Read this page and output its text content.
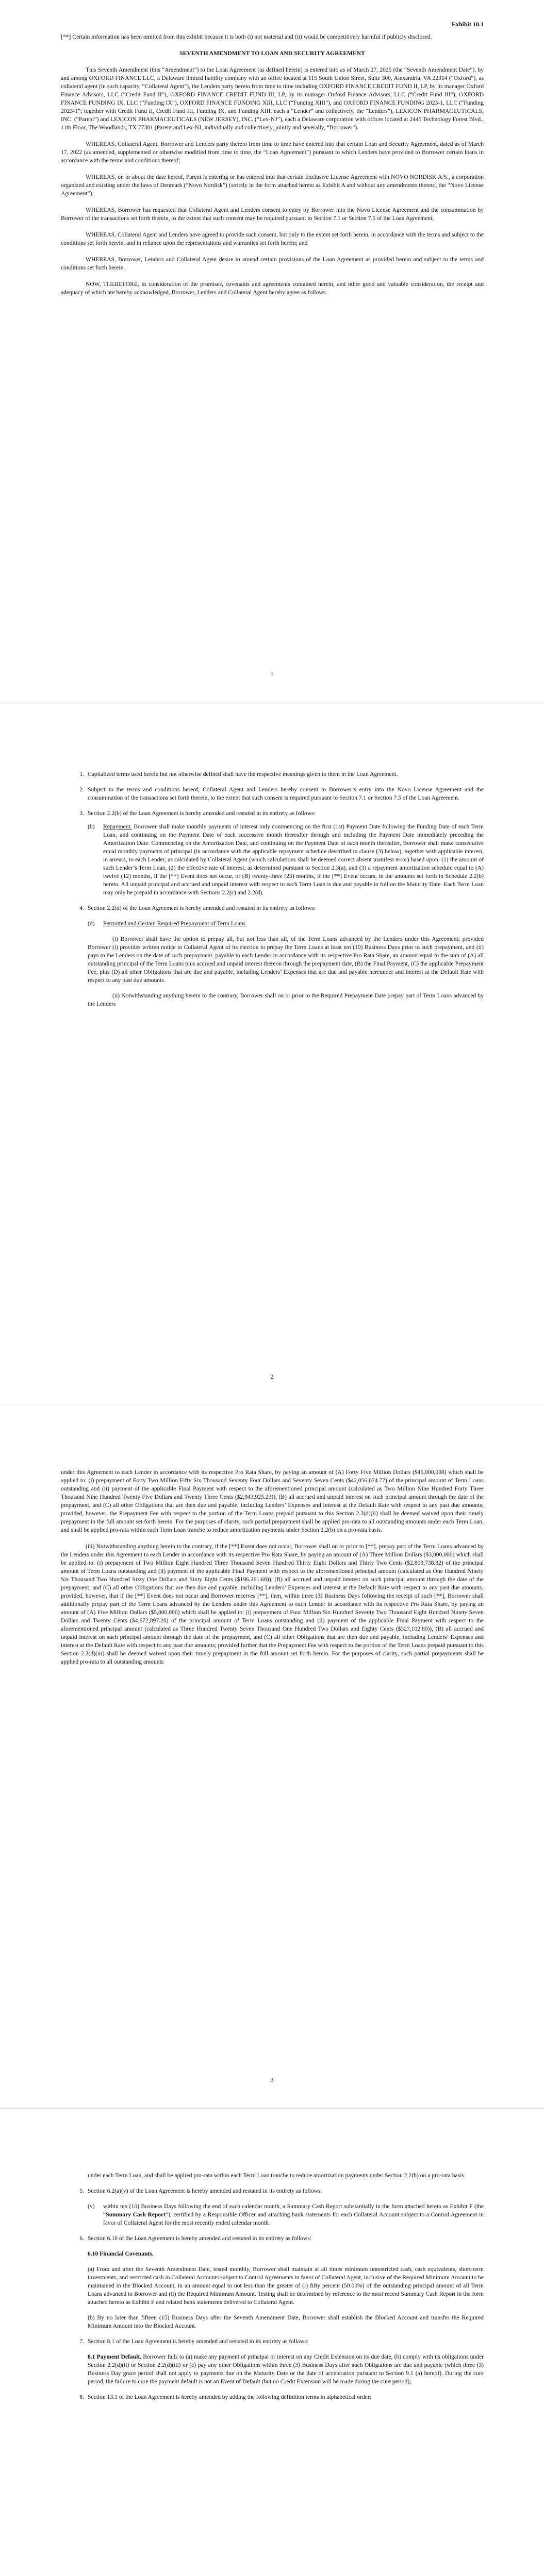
Exhibit 10.1

[**] Certain information has been omitted from this exhibit because it is both (i) not material and (ii) would be competitively harmful if publicly disclosed.

SEVENTH AMENDMENT TO LOAN AND SECURITY AGREEMENT

This Seventh Amendment (this “Amendment”) to the Loan Agreement (as defined herein) is entered into as of March 27, 2025 (the “Seventh Amendment Date”), by and among OXFORD FINANCE LLC, a Delaware limited liability company with an office located at 115 South Union Street, Suite 300, Alexandria, VA 22314 (“Oxford”), as collateral agent (in such capacity, “Collateral Agent”), the Lenders party hereto from time to time including OXFORD FINANCE CREDIT FUND II, LP, by its manager Oxford Finance Advisors, LLC (“Credit Fund II”), OXFORD FINANCE CREDIT FUND III, LP, by its manager Oxford Finance Advisors, LLC (“Credit Fund III”), OXFORD FINANCE FUNDING IX, LLC (“Funding IX”), OXFORD FINANCE FUNDING XIII, LLC (“Funding XIII”), and OXFORD FINANCE FUNDING 2023-1, LLC (“Funding 2023-1”; together with Credit Fund II, Credit Fund III, Funding IX, and Funding XIII, each a “Lender” and collectively, the “Lenders”), LEXICON PHARMACEUTICALS, INC. (“Parent”) and LEXICON PHARMACEUTICALS (NEW JERSEY), INC. (“Lex-NJ”), each a Delaware corporation with offices located at 2445 Technology Forest Blvd., 11th Floor, The Woodlands, TX 77381 (Parent and Lex-NJ, individually and collectively, jointly and severally, “Borrower”).

WHEREAS, Collateral Agent, Borrower and Lenders party thereto from time to time have entered into that certain Loan and Security Agreement, dated as of March 17, 2022 (as amended, supplemented or otherwise modified from time to time, the “Loan Agreement”) pursuant to which Lenders have provided to Borrower certain loans in accordance with the terms and conditions thereof;

WHEREAS, on or about the date hereof, Parent is entering or has entered into that certain Exclusive License Agreement with NOVO NORDISK A/S., a corporation organized and existing under the laws of Denmark (“Novo Nordisk”) (strictly in the form attached hereto as Exhibit A and without any amendments thereto, the “Novo License Agreement”);

WHEREAS, Borrower has requested that Collateral Agent and Lenders consent to entry by Borrower into the Novo License Agreement and the consummation by Borrower of the transactions set forth therein, to the extent that such consent may be required pursuant to Section 7.1 or Section 7.5 of the Loan Agreement;

WHEREAS, Collateral Agent and Lenders have agreed to provide such consent, but only to the extent set forth herein, in accordance with the terms and subject to the conditions set forth herein, and in reliance upon the representations and warranties set forth herein; and

WHEREAS, Borrower, Lenders and Collateral Agent desire to amend certain provisions of the Loan Agreement as provided herein and subject to the terms and conditions set forth herein.

NOW, THEREFORE, in consideration of the promises, covenants and agreements contained herein, and other good and valuable consideration, the receipt and adequacy of which are hereby acknowledged, Borrower, Lenders and Collateral Agent hereby agree as follows:

1

1. Capitalized terms used herein but not otherwise defined shall have the respective meanings given to them in the Loan Agreement.

2. Subject to the terms and conditions hereof, Collateral Agent and Lenders hereby consent to Borrower’s entry into the Novo License Agreement and the consummation of the transactions set forth therein, to the extent that such consent is required pursuant to Section 7.1 or Section 7.5 of the Loan Agreement.

3. Section 2.2(b) of the Loan Agreement is hereby amended and restated in its entirety as follows:

(b)	Repayment. Borrower shall make monthly payments of interest only commencing on the first (1st) Payment Date following the Funding Date of each Term Loan, and continuing on the Payment Date of each successive month thereafter through and including the Payment Date immediately preceding the Amortization Date. Commencing on the Amortization Date, and continuing on the Payment Date of each month thereafter, Borrower shall make consecutive equal monthly payments of principal (in accordance with the applicable repayment schedule described in clause (3) below), together with applicable interest, in arrears, to each Lender, as calculated by Collateral Agent (which calculations shall be deemed correct absent manifest error) based upon: (1) the amount of such Lender’s Term Loan, (2) the effective rate of interest, as determined pursuant to Section 2.3(a), and (3) a repayment amortization schedule equal to (A) twelve (12) months, if the [**] Event does not occur, or (B) twenty-three (23) months, if the [**] Event occurs, in the amounts set forth in Schedule 2.2(b) hereto. All unpaid principal and accrued and unpaid interest with respect to each Term Loan is due and payable in full on the Maturity Date. Each Term Loan may only be prepaid in accordance with Sections 2.2(c) and 2.2(d).

4. Section 2.2(d) of the Loan Agreement is hereby amended and restated in its entirety as follows:

(d)	Permitted and Certain Required Prepayment of Term Loans.

(i) Borrower shall have the option to prepay all, but not less than all, of the Term Loans advanced by the Lenders under this Agreement; provided Borrower (i) provides written notice to Collateral Agent of its election to prepay the Term Loans at least ten (10) Business Days prior to such prepayment, and (ii) pays to the Lenders on the date of such prepayment, payable to each Lender in accordance with its respective Pro Rata Share, an amount equal to the sum of (A) all outstanding principal of the Term Loans plus accrued and unpaid interest thereon through the prepayment date, (B) the Final Payment, (C) the applicable Prepayment Fee, plus (D) all other Obligations that are due and payable, including Lenders’ Expenses that are due and payable hereunder and interest at the Default Rate with respect to any past due amounts.

(ii) Notwithstanding anything herein to the contrary, Borrower shall on or prior to the Required Prepayment Date prepay part of Term Loans advanced by the Lenders

2

under this Agreement to each Lender in accordance with its respective Pro Rata Share, by paying an amount of (A) Forty Five Million Dollars ($45,000,000) which shall be applied to: (i) prepayment of Forty Two Million Fifty Six Thousand Seventy Four Dollars and Seventy Seven Cents ($42,056,074.77) of the principal amount of Term Loans outstanding and (ii) payment of the applicable Final Payment with respect to the aforementioned principal amount (calculated as Two Million Nine Hundred Forty Three Thousand Nine Hundred Twenty Five Dollars and Twenty Three Cents ($2,943,925.23)), (B) all accrued and unpaid interest on such principal amount through the date of the prepayment, and (C) all other Obligations that are then due and payable, including Lenders’ Expenses and interest at the Default Rate with respect to any past due amounts; provided, however, the Prepayment Fee with respect to the portion of the Term Loans prepaid pursuant to this Section 2.2(d)(ii) shall be deemed waived upon their timely prepayment in the full amount set forth herein. For the purposes of clarity, such partial prepayment shall be applied pro-rata to all outstanding amounts under each Term Loan, and shall be applied pro-rata within each Term Loan tranche to reduce amortization payments under Section 2.2(b) on a pro-rata basis.

(iii) Notwithstanding anything herein to the contrary, if the [**] Event does not occur, Borrower shall on or prior to [**], prepay part of the Term Loans advanced by the Lenders under this Agreement to each Lender in accordance with its respective Pro Rata Share, by paying an amount of (A) Three Million Dollars ($3,000,000) which shall be applied to: (i) prepayment of Two Million Eight Hundred Three Thousand Seven Hundred Thirty Eight Dollars and Thirty Two Cents ($2,803,738.32) of the principal amount of Term Loans outstanding and (ii) payment of the applicable Final Payment with respect to the aforementioned principal amount (calculated as One Hundred Ninety Six Thousand Two Hundred Sixty One Dollars and Sixty Eight Cents ($196,261.68)), (B) all accrued and unpaid interest on such principal amount through the date of the prepayment, and (C) all other Obligations that are then due and payable, including Lenders’ Expenses and interest at the Default Rate with respect to any past due amounts; provided, however, that if the [**] Event does not occur and Borrower receives [**], then, within three (3) Business Days following the receipt of such [**], Borrower shall additionally prepay part of the Term Loans advanced by the Lenders under this Agreement to each Lender in accordance with its respective Pro Rata Share, by paying an amount of (A) Five Million Dollars ($5,000,000) which shall be applied to: (i) prepayment of Four Million Six Hundred Seventy Two Thousand Eight Hundred Ninety Seven Dollars and Twenty Cents ($4,672,897.20) of the principal amount of Term Loans outstanding and (ii) payment of the applicable Final Payment with respect to the aforementioned principal amount (calculated as Three Hundred Twenty Seven Thousand One Hundred Two Dollars and Eighty Cents ($327,102.80)), (B) all accrued and unpaid interest on such principal amount through the date of the prepayment, and (C) all other Obligations that are then due and payable, including Lenders’ Expenses and interest at the Default Rate with respect to any past due amounts; provided further that the Prepayment Fee with respect to the portion of the Term Loans prepaid pursuant to this Section 2.2(d)(iii) shall be deemed waived upon their timely prepayment in the full amount set forth herein. For the purposes of clarity, such partial prepayments shall be applied pro-rata to all outstanding amounts

3

under each Term Loan, and shall be applied pro-rata within each Term Loan tranche to reduce amortization payments under Section 2.2(b) on a pro-rata basis.

5. Section 6.2(a)(v) of the Loan Agreement is hereby amended and restated in its entirety as follows:

(v)	within ten (10) Business Days following the end of each calendar month, a Summary Cash Report substantially in the form attached hereto as Exhibit F (the “Summary Cash Report”), certified by a Responsible Officer and attaching bank statements for each Collateral Account subject to a Control Agreement in favor of Collateral Agent for the most recently ended calendar month.

6. Section 6.10 of the Loan Agreement is hereby amended and restated in its entirety as follows:

6.10 Financial Covenants.

(a) From and after the Seventh Amendment Date, tested monthly, Borrower shall maintain at all times minimum unrestricted cash, cash equivalents, short-term investments, and restricted cash in Collateral Accounts subject to Control Agreements in favor of Collateral Agent, inclusive of the Required Minimum Amount to be maintained in the Blocked Account, in an amount equal to not less than the greater of (i) fifty percent (50.00%) of the outstanding principal amount of all Term Loans advanced to Borrower and (ii) the Required Minimum Amount. Testing shall be determined by reference to the most recent Summary Cash Report in the form attached hereto as Exhibit F and related bank statements delivered to Collateral Agent.

(b) By no later than fifteen (15) Business Days after the Seventh Amendment Date, Borrower shall establish the Blocked Account and transfer the Required Minimum Amount into the Blocked Account.

7. Section 8.1 of the Loan Agreement is hereby amended and restated in its entirety as follows:

8.1 Payment Default. Borrower fails to (a) make any payment of principal or interest on any Credit Extension on its due date, (b) comply with its obligations under Section 2.2(d)(ii) or Section 2.2(d)(iii) or (c) pay any other Obligations within three (3) Business Days after such Obligations are due and payable (which three (3) Business Day grace period shall not apply to payments due on the Maturity Date or the date of acceleration pursuant to Section 9.1 (a) hereof). During the cure period, the failure to cure the payment default is not an Event of Default (but no Credit Extension will be made during the cure period);

8. Section 13.1 of the Loan Agreement is hereby amended by adding the following definition terms in alphabetical order:
